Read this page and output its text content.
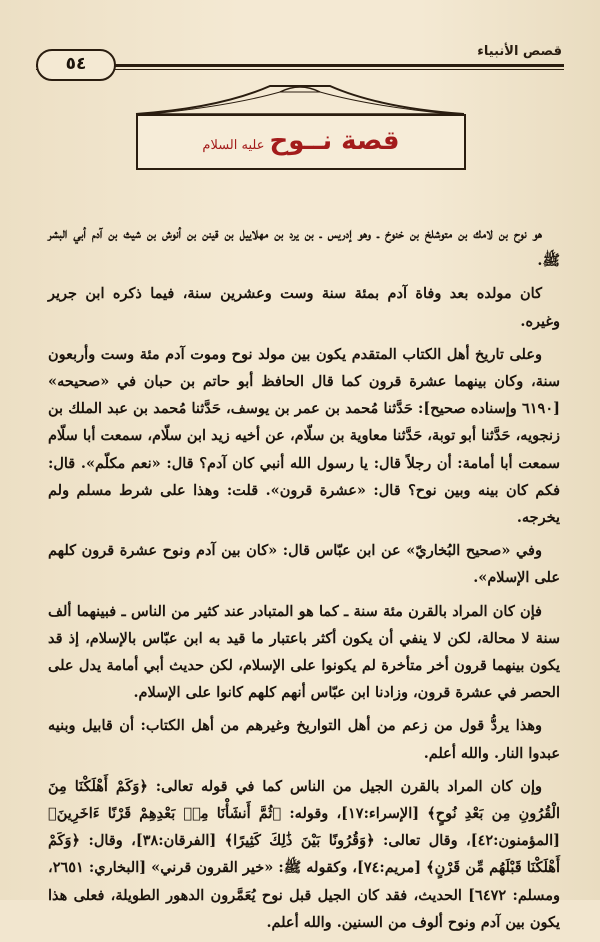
قصص الأنبياء
٥٤
قصة نــوح عليه السلام

هو نوح بن لامك بن متوشلخ بن خنوخ ـ وهو إدريس ـ بن يرد بن مهلاييل بن قينن بن أنوش بن شيث بن آدم أبي البشر ﷺ.

كان مولده بعد وفاة آدم بمئة سنة وست وعشرين سنة، فيما ذكره ابن جرير وغيره.

وعلى تاريخ أهل الكتاب المتقدم يكون بين مولد نوح وموت آدم مئة وست وأربعون سنة، وكان بينهما عشرة قرون كما قال الحافظ أبو حاتم بن حبان في «صحيحه» [٦١٩٠ وإسناده صحيح]: حَدَّثنا مُحمد بن عمر بن يوسف، حَدَّثنا مُحمد بن عبد الملك بن زنجويه، حَدَّثنا أبو توبة، حَدَّثنا معاوية بن سلّام، عن أخيه زيد ابن سلّام، سمعت أبا سلّام سمعت أبا أمامة: أن رجلاً قال: يا رسول الله أنبي كان آدم؟ قال: «نعم مكلّم». قال: فكم كان بينه وبين نوح؟ قال: «عشرة قرون». قلت: وهذا على شرط مسلم ولم يخرجه.

وفي «صحيح البُخاريّ» عن ابن عبّاس قال: «كان بين آدم ونوح عشرة قرون كلهم على الإسلام».

فإن كان المراد بالقرن مئة سنة ـ كما هو المتبادر عند كثير من الناس ـ فبينهما ألف سنة لا محالة، لكن لا ينفي أن يكون أكثر باعتبار ما قيد به ابن عبّاس بالإسلام، إذ قد يكون بينهما قرون أخر متأخرة لم يكونوا على الإسلام، لكن حديث أبي أمامة يدل على الحصر في عشرة قرون، وزادنا ابن عبّاس أنهم كلهم كانوا على الإسلام.

وهذا يردُّ قول من زعم من أهل التواريخ وغيرهم من أهل الكتاب: أن قابيل وبنيه عبدوا النار. والله أعلم.

وإن كان المراد بالقرن الجيل من الناس كما في قوله تعالى: ﴿وَكَمْ أَهْلَكْنَا مِنَ الْقُرُونِ مِن بَعْدِ نُوحٍ﴾ [الإسراء:١٧]، وقوله: ﴿ثُمَّ أَنشَأْنَا مِنۢ بَعْدِهِمْ قَرْنًا ءَاخَرِينَ﴾ [المؤمنون:٤٢]، وقال تعالى: ﴿وَقُرُونًا بَيْنَ ذَٰلِكَ كَثِيرًا﴾ [الفرقان:٣٨]، وقال: ﴿وَكَمْ أَهْلَكْنَا قَبْلَهُم مِّن قَرْنٍ﴾ [مريم:٧٤]، وكقوله ﷺ: «خير القرون قرني» [البخاري: ٢٦٥١، ومسلم: ٦٤٧٢] الحديث، فقد كان الجيل قبل نوح يُعَمَّرون الدهور الطويلة، فعلى هذا يكون بين آدم ونوح ألوف من السنين. والله أعلم.
